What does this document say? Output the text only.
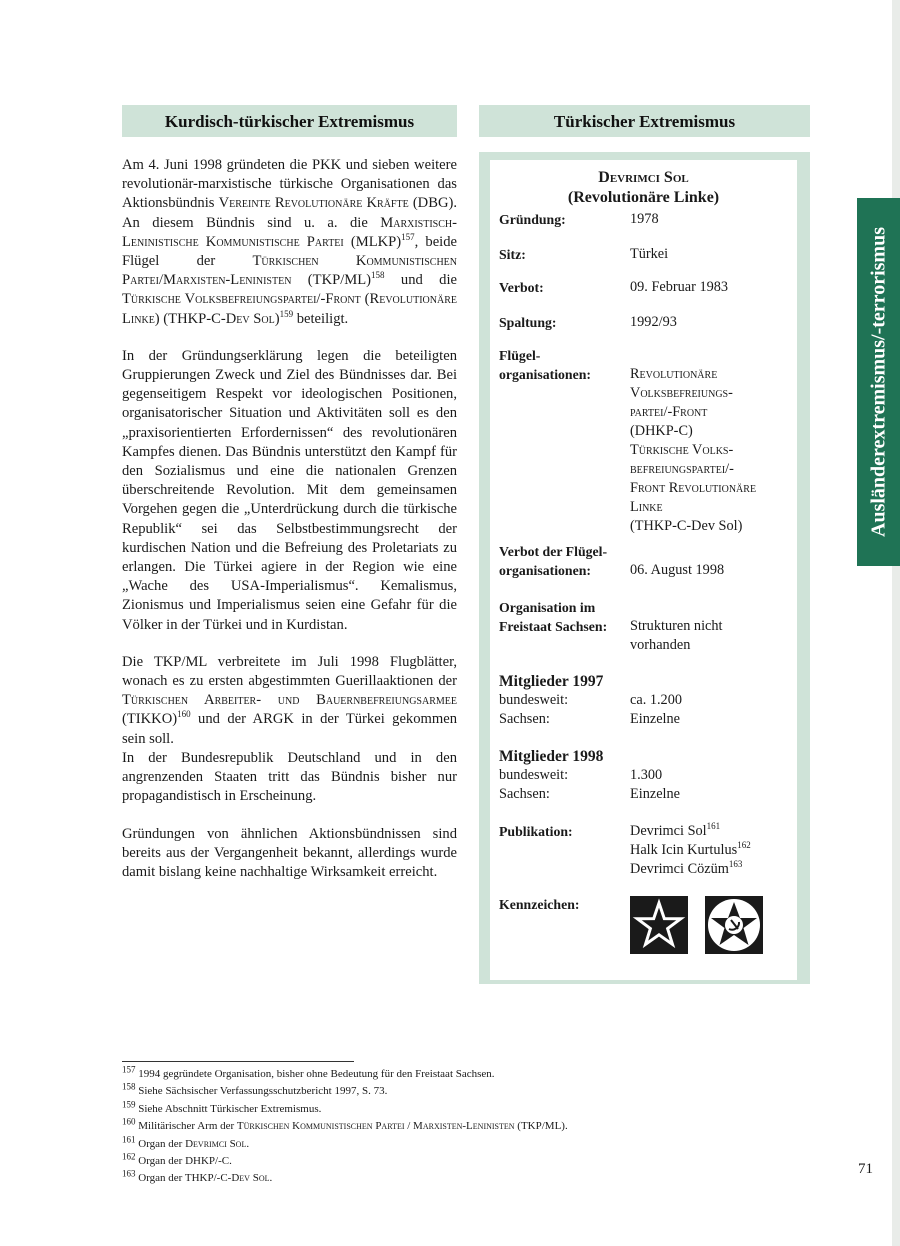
Kurdisch-türkischer Extremismus	Türkischer Extremismus

Am 4. Juni 1998 gründeten die PKK und sieben weitere revolutionär-marxistische türkische Organisationen das Aktionsbündnis Vereinte Revolutionäre Kräfte (DBG). An diesem Bündnis sind u. a. die Marxistisch-Leninistische Kommunistische Partei (MLKP)$^{157}$, beide Flügel der Türkischen Kommunistischen Partei/Marxisten-Leninisten $(TKP/ML)^{158}$ und die Türkische Volksbefreiungspartei/-Front (Revolutionäre Linke) (THKP-C-Dev Sol)$^{159}$ beteiligt.

In der Gründungserklärung legen die beteiligten Gruppierungen Zweck und Ziel des Bündnisses dar. Bei gegenseitigem Respekt vor ideologischen Positionen, organisatorischer Situation und Aktivitäten soll es den „praxisorientierten Erfordernissen“ des revolutionären Kampfes dienen. Das Bündnis unterstützt den Kampf für den Sozialismus und eine die nationalen Grenzen überschreitende Revolution. Mit dem gemeinsamen Vorgehen gegen die „Unterdrückung durch die türkische Republik“ sei das Selbstbestimmungsrecht der kurdischen Nation und die Befreiung des Proletariats zu erlangen. Die Türkei agiere in der Region wie eine „Wache des USA-Imperialismus“. Kemalismus, Zionismus und Imperialismus seien eine Gefahr für die Völker in der Türkei und in Kurdistan.

Die TKP/ML verbreitete im Juli 1998 Flugblätter, wonach es zu ersten abgestimmten Guerillaaktionen der Türkischen Arbeiter- und Bauernbefreiungsarmee (TIKKO)$^{160}$ und der ARGK in der Türkei gekommen sein soll.

In der Bundesrepublik Deutschland und in den angrenzenden Staaten tritt das Bündnis bisher nur propagandistisch in Erscheinung.

Gründungen von ähnlichen Aktionsbündnissen sind bereits aus der Vergangenheit bekannt, allerdings wurde damit bislang keine nachhaltige Wirksamkeit erreicht.

Devrimci Sol
(Revolutionäre Linke)
Gründung:	1978
Sitz:	Türkei
Verbot:	09. Februar 1983
Spaltung:	1992/93
Flügel-
organisationen:	Revolutionäre
Volksbefreiungs-
partei/-Front
(DHKP-C)
Türkische Volks-
befreiungspartei/-
Front Revolutionäre
Linke
(THKP-C-Dev Sol)
Verbot der Flügel-
organisationen:	06. August 1998
Organisation im
Freistaat Sachsen: Strukturen nicht
vorhanden
Mitglieder 1997
bundesweit:	ca. 1.200
Sachsen:	Einzelne
Mitglieder 1998
bundesweit:	1.300
Sachsen:	Einzelne
Publikation:	Devrimci Sol$^{161}$
Halk Icin Kurtulus$^{162}$
Devrimci Cözüm$^{163}$
Kennzeichen:
Ausländerextremismus/-terrorismus
$^{157}$ 1994 gegründete Organisation, bisher ohne Bedeutung für den Freistaat Sachsen.
$^{158}$ Siehe Sächsischer Verfassungsschutzbericht 1997, S. 73.
$^{159}$ Siehe Abschnitt Türkischer Extremismus.
$^{160}$ Militärischer Arm der Türkischen Kommunistischen Partei / Marxisten-Leninisten (TKP/ML).
$^{161}$ Organ der Devrimci Sol.
$^{162}$ Organ der DHKP/-C.
$^{163}$ Organ der THKP/-C-Dev Sol.
71
